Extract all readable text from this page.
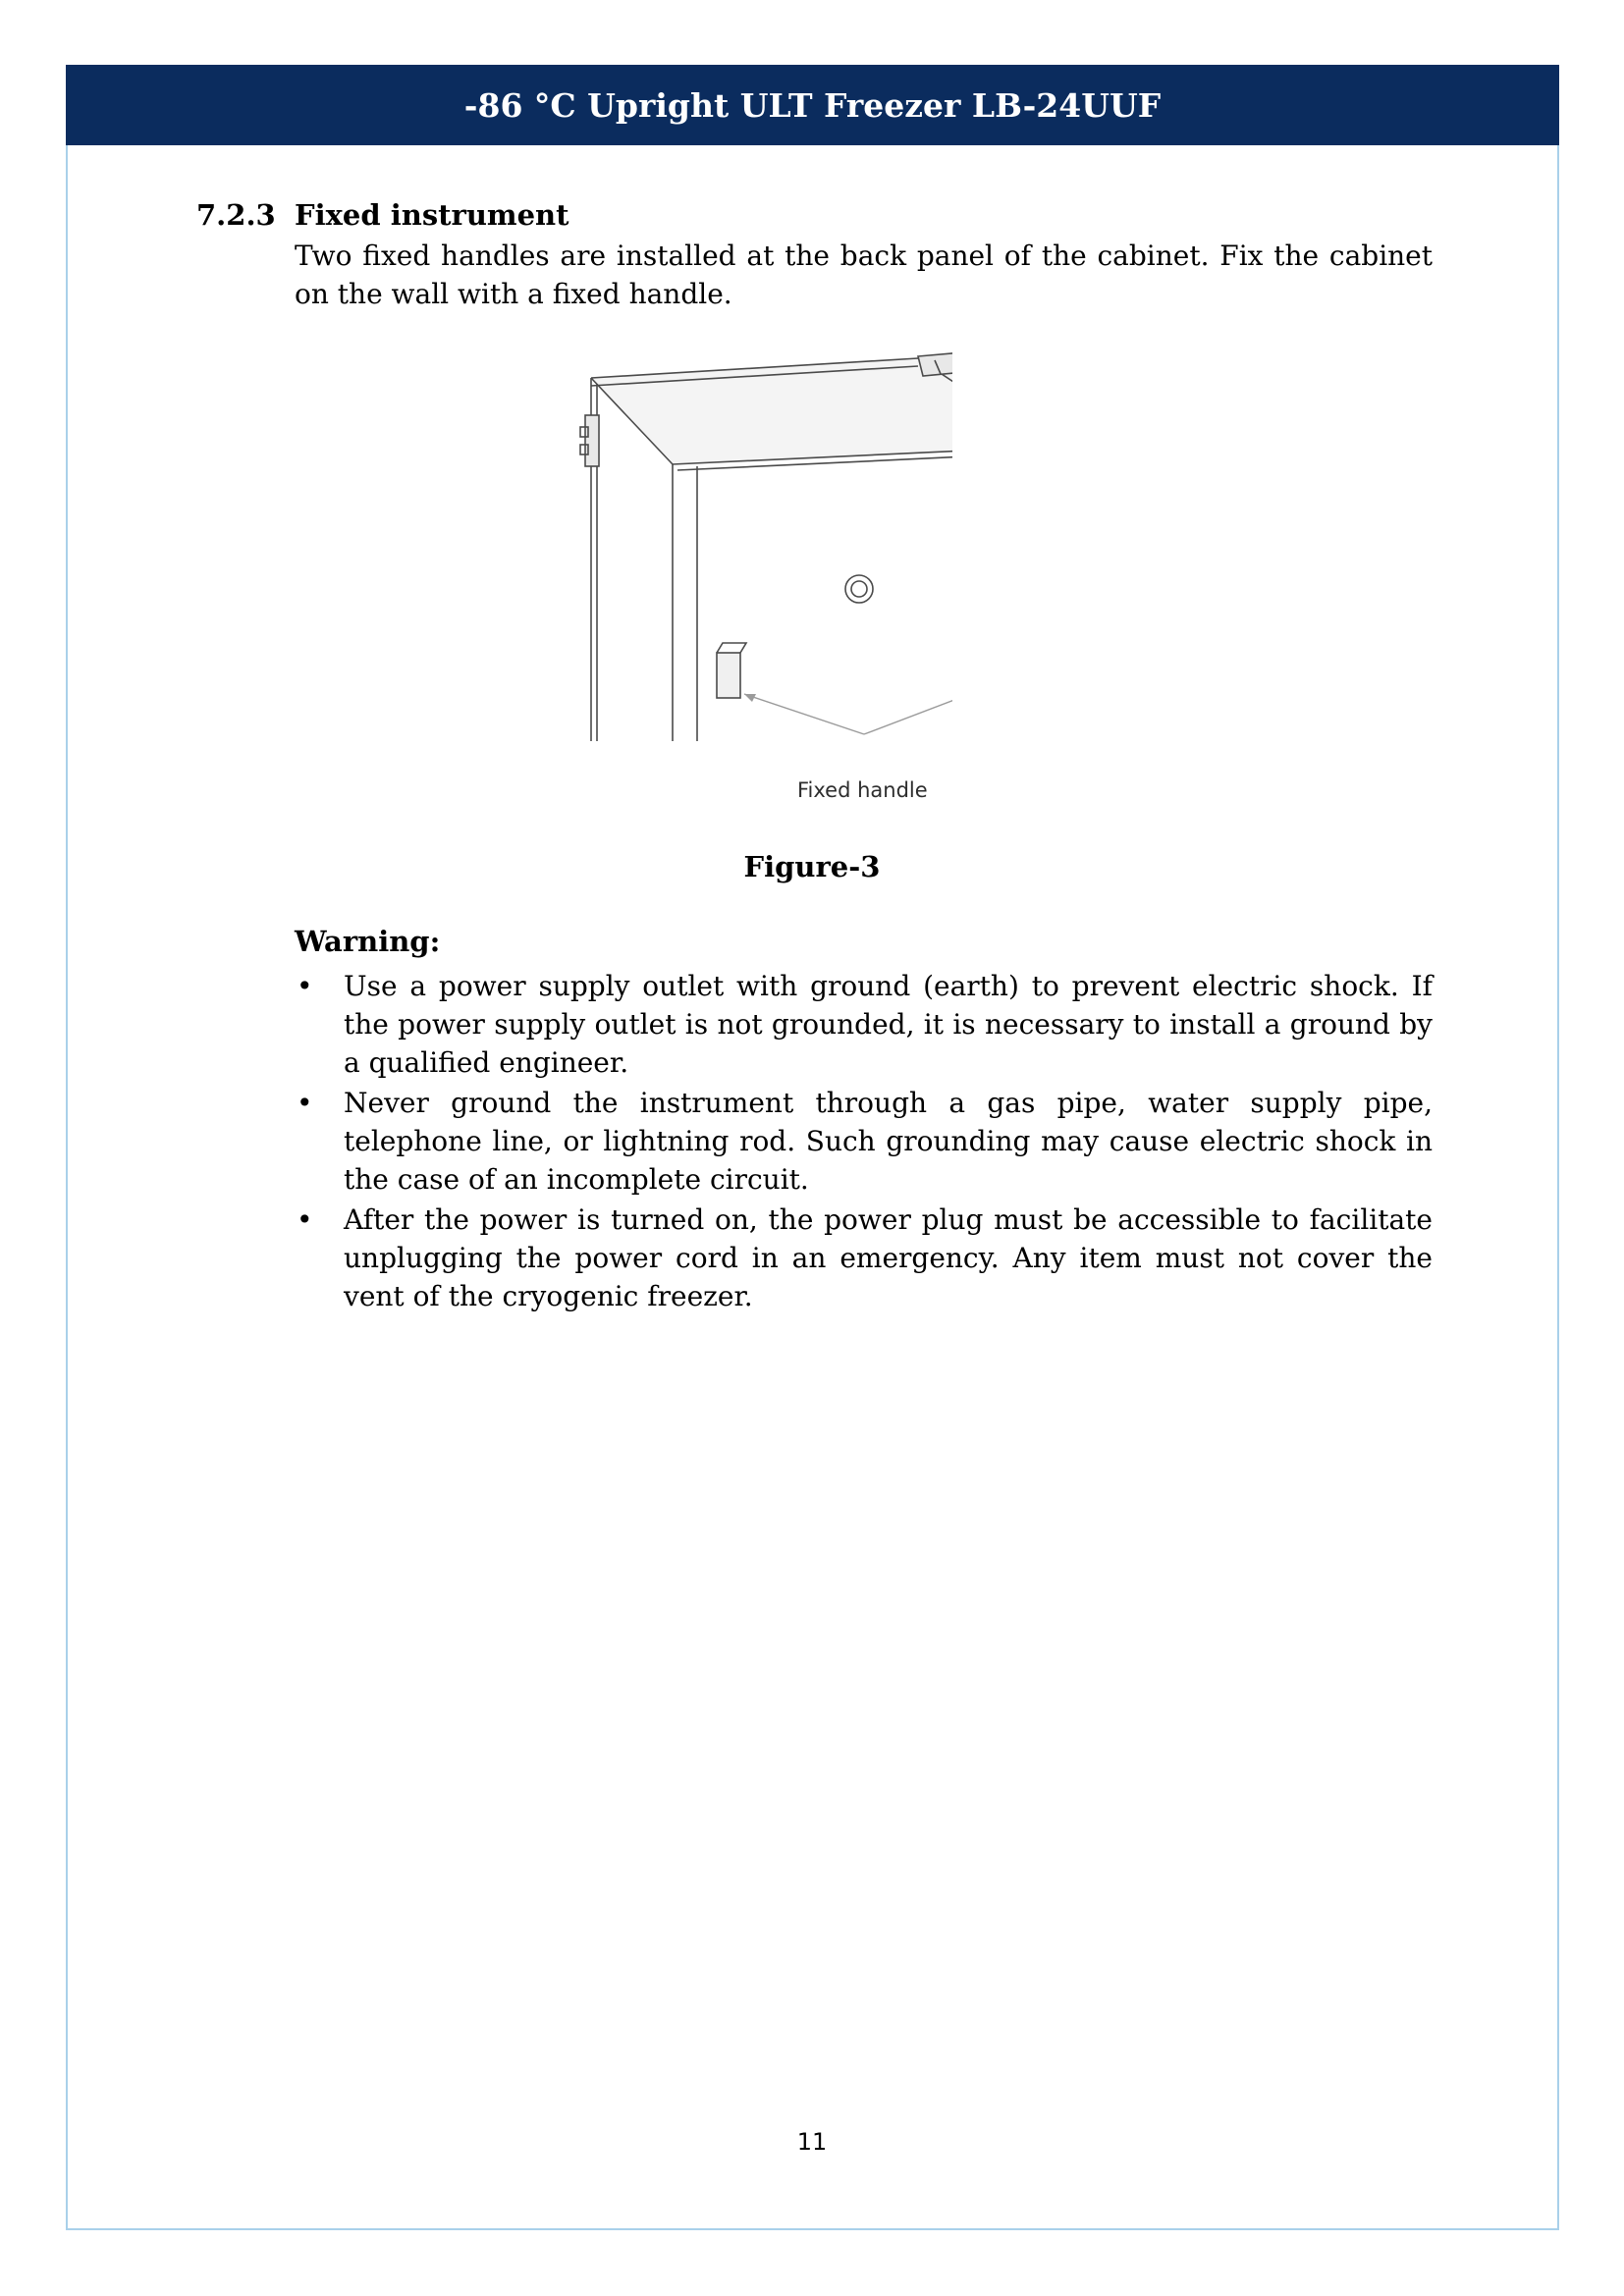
-86 °C Upright ULT Freezer LB-24UUF
7.2.3 Fixed instrument
Two fixed handles are installed at the back panel of the cabinet. Fix the cabinet on the wall with a fixed handle.
Fixed handle
Figure-3
Warning:
• Use a power supply outlet with ground (earth) to prevent electric shock. If the power supply outlet is not grounded, it is necessary to install a ground by a qualified engineer.
• Never ground the instrument through a gas pipe, water supply pipe, telephone line, or lightning rod. Such grounding may cause electric shock in the case of an incomplete circuit.
• After the power is turned on, the power plug must be accessible to facilitate unplugging the power cord in an emergency. Any item must not cover the vent of the cryogenic freezer.
11
